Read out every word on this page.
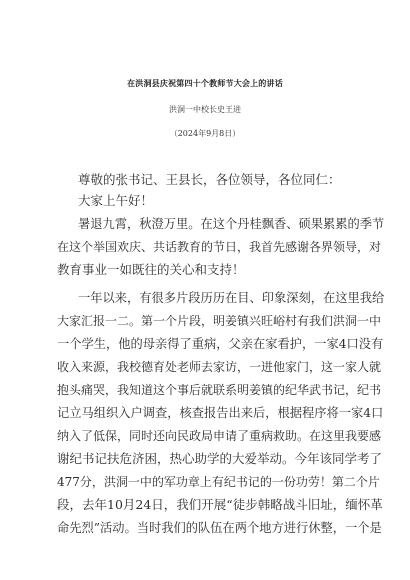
在洪洞县庆祝第四十个教师节大会上的讲话
洪洞一中校长史王进
（2024年9月8日）
尊敬的张书记、王县长，各位领导，各位同仁：
大家上午好！
暑退九霄，秋澄万里。在这个丹桂飘香、硕果累累的季节
在这个举国欢庆、共话教育的节日，我首先感谢各界领导，对
教育事业一如既往的关心和支持！
一年以来，有很多片段历历在目、印象深刻，在这里我给
大家汇报一二。第一个片段，明姜镇兴旺峪村有我们洪洞一中
一个学生，他的母亲得了重病，父亲在家看护，一家4口没有
收入来源，我校德育处老师去家访，一进他家门，这一家人就
抱头痛哭，我知道这个事后就联系明姜镇的纪华武书记，纪书
记立马组织入户调查，核查报告出来后，根据程序将一家4口
纳入了低保，同时还向民政局申请了重病救助。在这里我要感
谢纪书记扶危济困，热心助学的大爱举动。今年该同学考了
477分，洪洞一中的军功章上有纪书记的一份功劳！第二个片
段，去年10月24日，我们开展“徒步韩略战斗旧址，缅怀革
命先烈”活动。当时我们的队伍在两个地方进行休整，一个是
